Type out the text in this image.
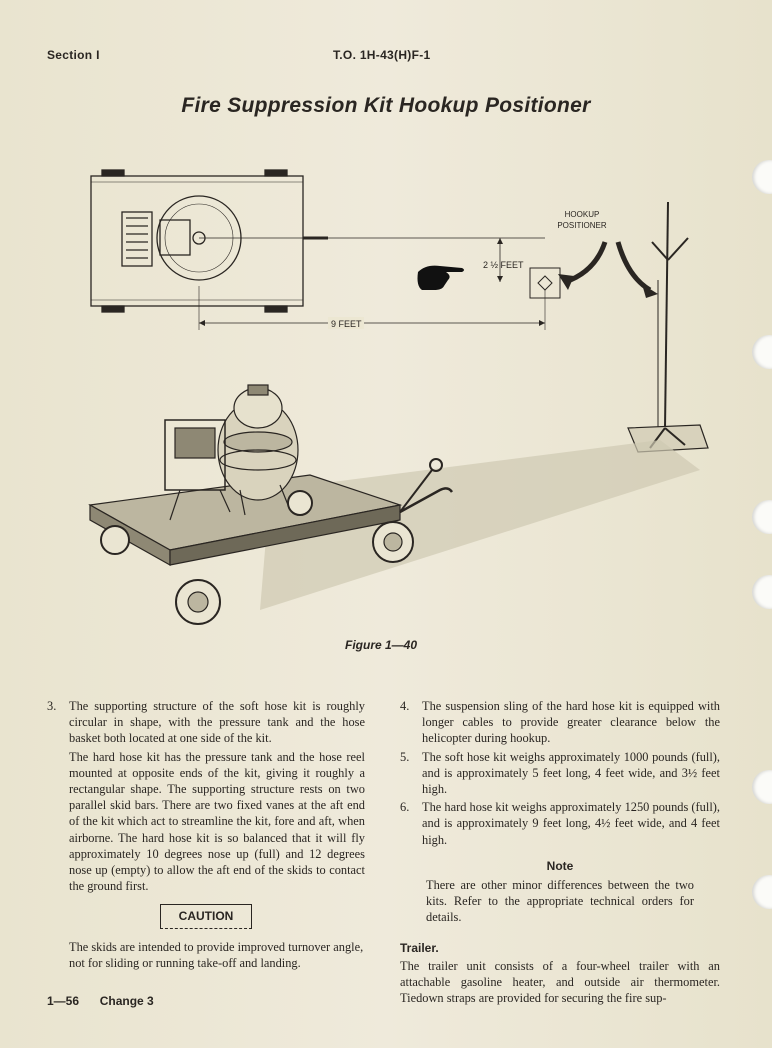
Section I	T.O. 1H-43(H)F-1
Fire Suppression Kit Hookup Positioner
2 ½ FEET
9 FEET
HOOKUP
POSITIONER
Figure 1—40

3. The supporting structure of the soft hose kit is roughly circular in shape, with the pressure tank and the hose basket both located at one side of the kit.

The hard hose kit has the pressure tank and the hose reel mounted at opposite ends of the kit, giving it roughly a rectangular shape. The supporting structure rests on two parallel skid bars. There are two fixed vanes at the aft end of the kit which act to streamline the kit, fore and aft, when airborne. The hard hose kit is so balanced that it will fly approximately 10 degrees nose up (full) and 12 degrees nose up (empty) to allow the aft end of the skids to contact the ground first.

CAUTION

The skids are intended to provide improved turnover angle, not for sliding or running take-off and landing.

4. The suspension sling of the hard hose kit is equipped with longer cables to provide greater clearance below the helicopter during hookup.

5. The soft hose kit weighs approximately 1000 pounds (full), and is approximately 5 feet long, 4 feet wide, and 3½ feet high.

6. The hard hose kit weighs approximately 1250 pounds (full), and is approximately 9 feet long, 4½ feet wide, and 4 feet high.

Note

There are other minor differences between the two kits. Refer to the appropriate technical orders for details.

Trailer.

The trailer unit consists of a four-wheel trailer with an attachable gasoline heater, and outside air thermometer. Tiedown straps are provided for securing the fire sup-

1—56 Change 3
